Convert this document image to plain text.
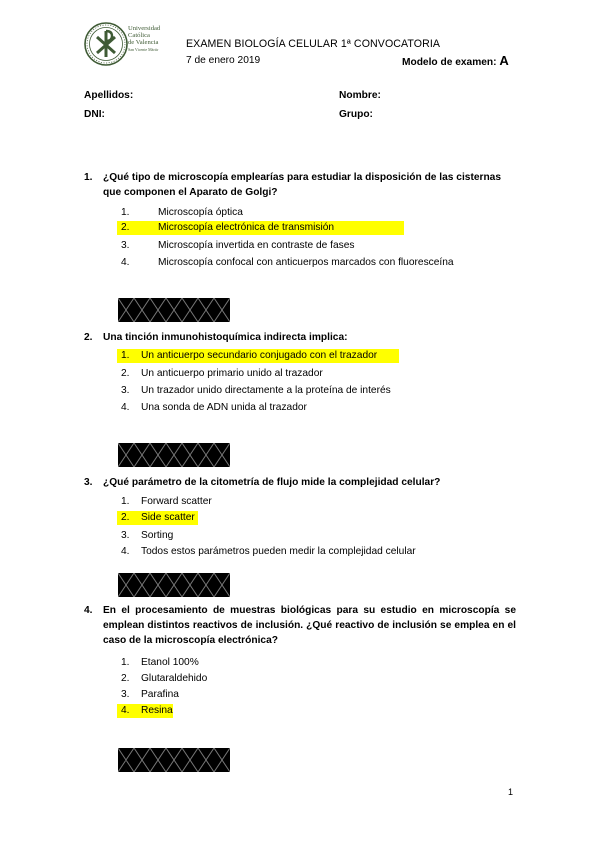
Universidad
Católica
de Valencia
San Vicente Mártir	EXAMEN BIOLOGÍA CELULAR 1ª CONVOCATORIA
7 de enero 2019	Modelo de examen: A
Apellidos:	Nombre:
DNI:	Grupo:
1. ¿Qué tipo de microscopía emplearías para estudiar la disposición de las cisternas que componen el Aparato de Golgi?
1.	Microscopía óptica
2.	Microscopía electrónica de transmisión
3.	Microscopía invertida en contraste de fases
4.	Microscopía confocal con anticuerpos marcados con fluoresceína
2. Una tinción inmunohistoquímica indirecta implica:
1. Un anticuerpo secundario conjugado con el trazador
2. Un anticuerpo primario unido al trazador
3. Un trazador unido directamente a la proteína de interés
4. Una sonda de ADN unida al trazador
3. ¿Qué parámetro de la citometría de flujo mide la complejidad celular?
1. Forward scatter
2. Side scatter
3. Sorting
4. Todos estos parámetros pueden medir la complejidad celular
4. En el procesamiento de muestras biológicas para su estudio en microscopía se emplean distintos reactivos de inclusión. ¿Qué reactivo de inclusión se emplea en el caso de la microscopía electrónica?
1. Etanol 100%
2. Glutaraldehido
3. Parafina
4. Resina
1
